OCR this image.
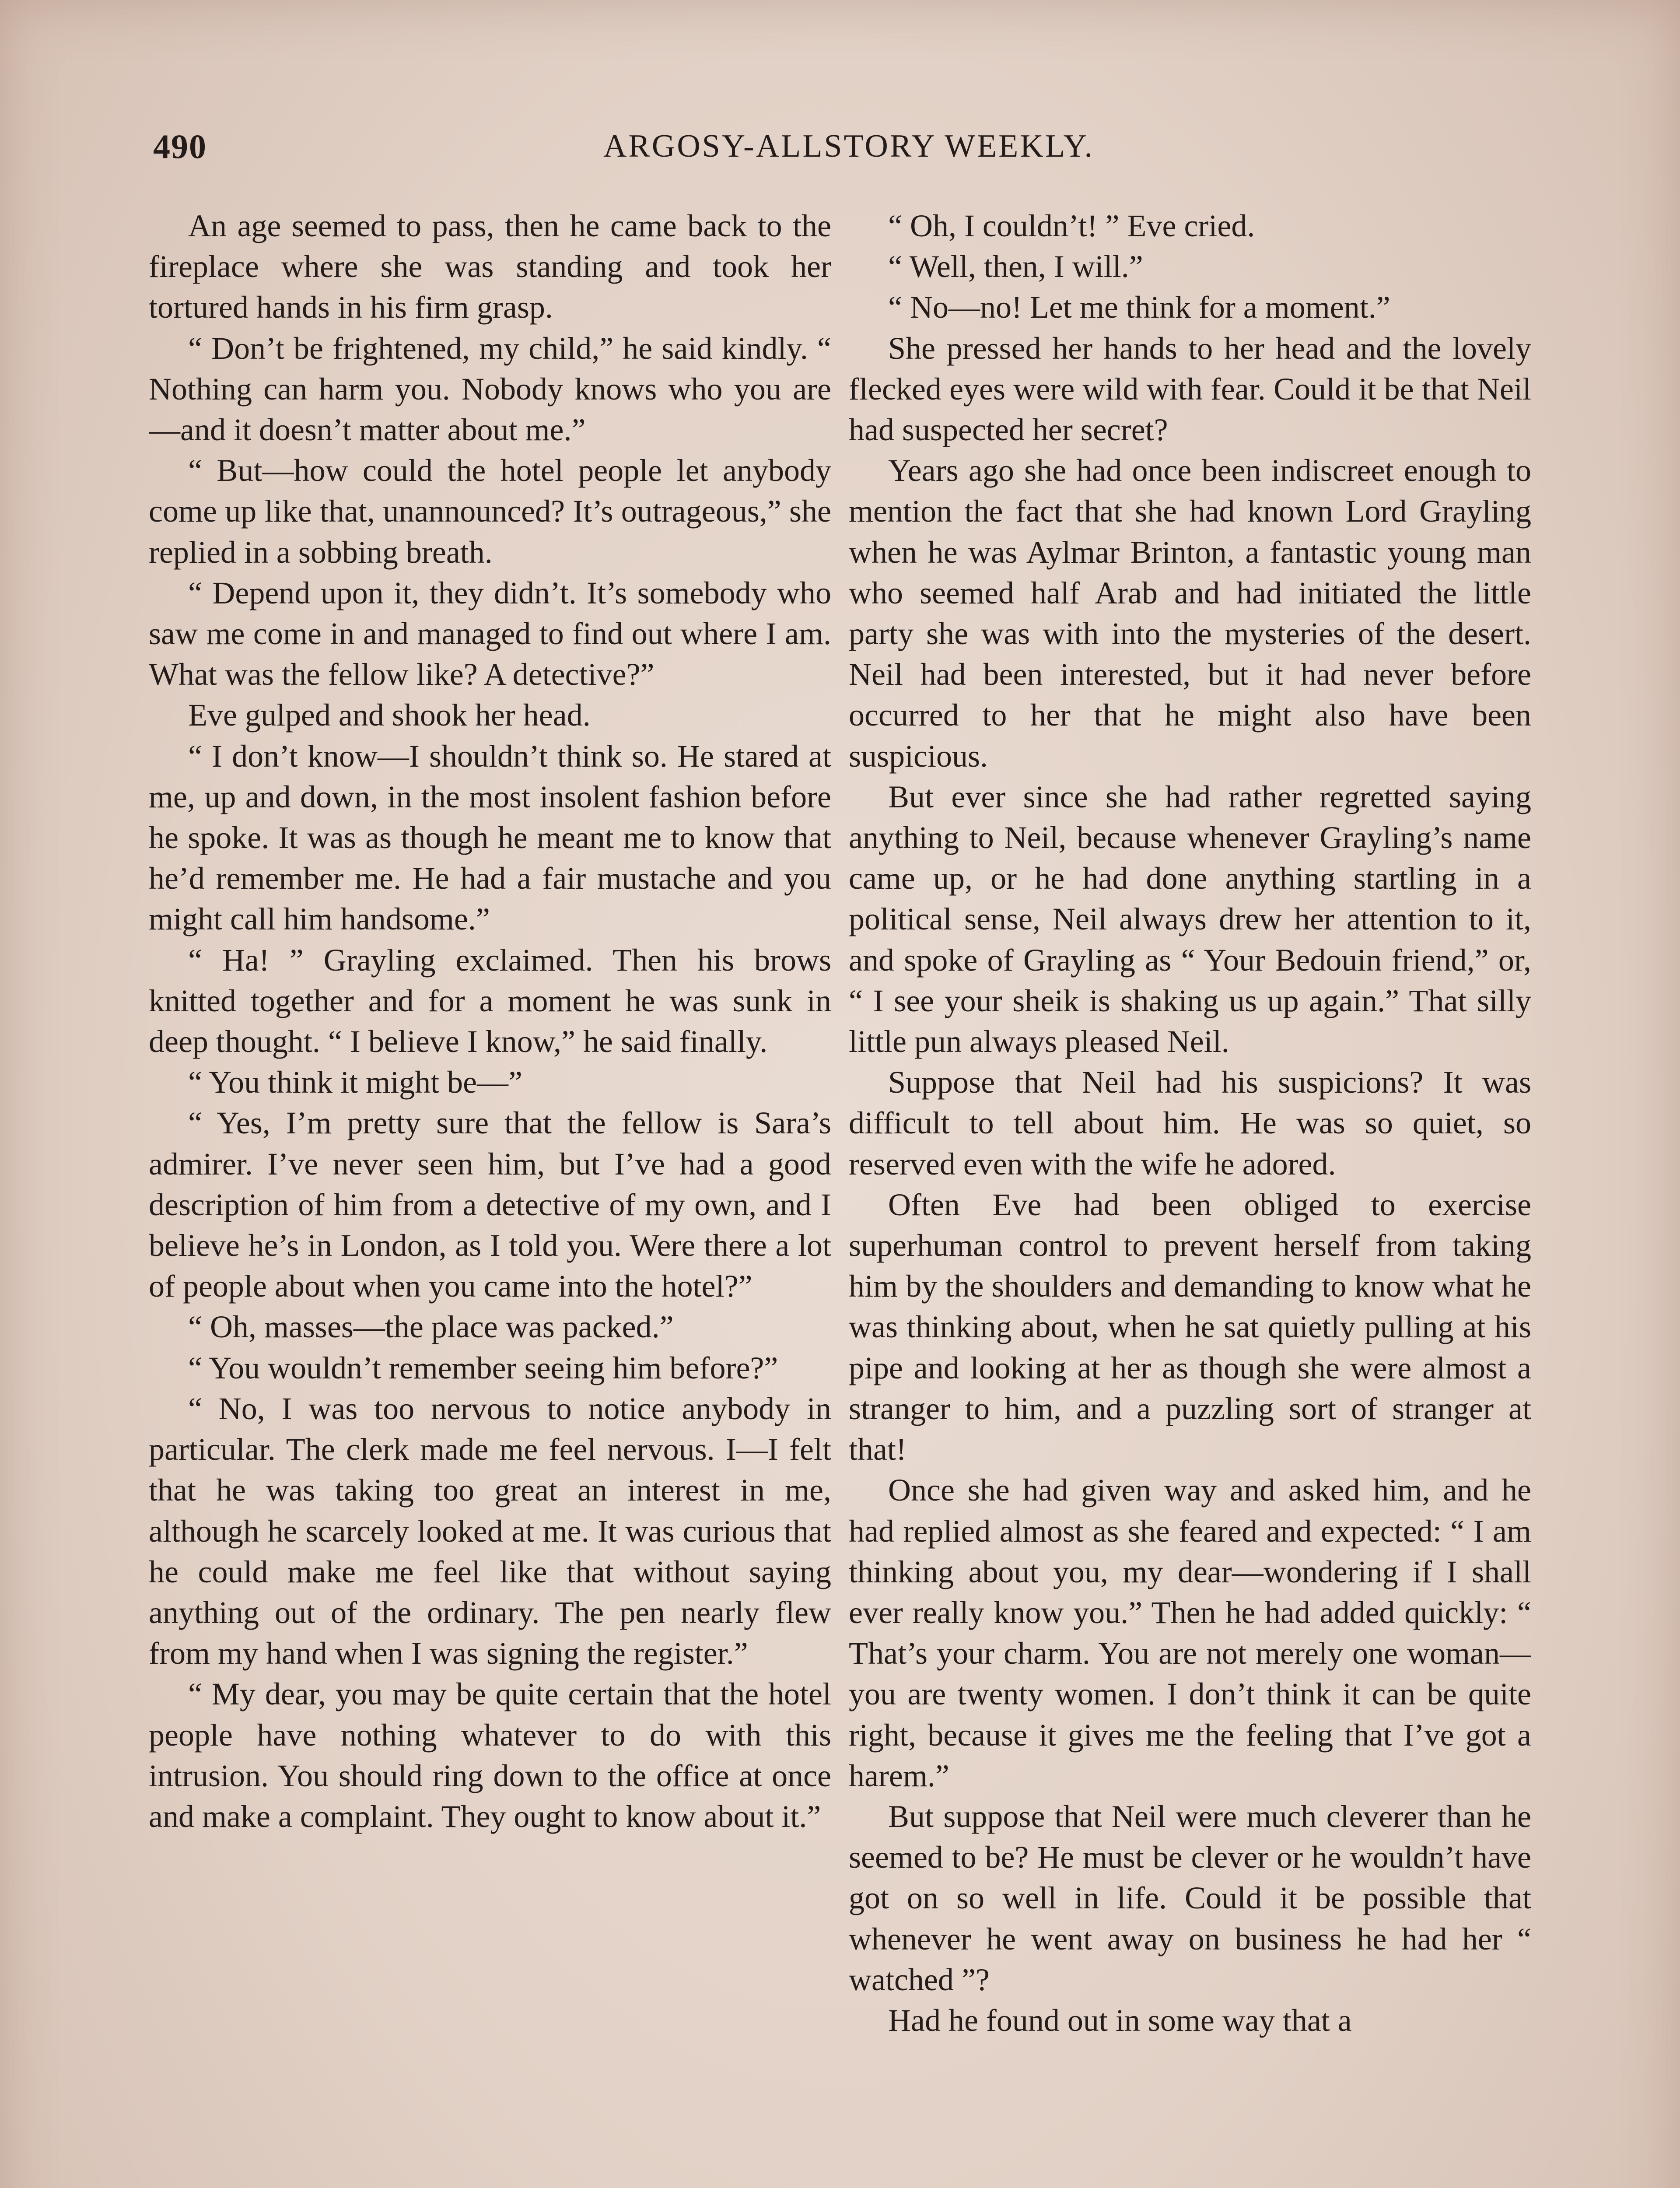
490	ARGOSY-ALLSTORY WEEKLY.

An age seemed to pass, then he came back to the fireplace where she was standing and took her tortured hands in his firm grasp.

“ Don’t be frightened, my child,” he said kindly. “ Nothing can harm you. Nobody knows who you are—and it doesn’t matter about me.”

“ But—how could the hotel people let anybody come up like that, unannounced? It’s outrageous,” she replied in a sobbing breath.

“ Depend upon it, they didn’t. It’s somebody who saw me come in and managed to find out where I am. What was the fellow like? A detective?”

Eve gulped and shook her head.

“ I don’t know—I shouldn’t think so. He stared at me, up and down, in the most insolent fashion before he spoke. It was as though he meant me to know that he’d remember me. He had a fair mustache and you might call him handsome.”

“ Ha! ” Grayling exclaimed. Then his brows knitted together and for a moment he was sunk in deep thought. “ I believe I know,” he said finally.

“ You think it might be—”

“ Yes, I’m pretty sure that the fellow is Sara’s admirer. I’ve never seen him, but I’ve had a good description of him from a detective of my own, and I believe he’s in London, as I told you. Were there a lot of people about when you came into the hotel?”

“ Oh, masses—the place was packed.”

“ You wouldn’t remember seeing him before?”

“ No, I was too nervous to notice anybody in particular. The clerk made me feel nervous. I—I felt that he was taking too great an interest in me, although he scarcely looked at me. It was curious that he could make me feel like that without saying anything out of the ordinary. The pen nearly flew from my hand when I was signing the register.”

“ My dear, you may be quite certain that the hotel people have nothing whatever to do with this intrusion. You should ring down to the office at once and make a complaint. They ought to know about it.”

“ Oh, I couldn’t! ” Eve cried.

“ Well, then, I will.”

“ No—no! Let me think for a moment.”

She pressed her hands to her head and the lovely flecked eyes were wild with fear. Could it be that Neil had suspected her secret?

Years ago she had once been indiscreet enough to mention the fact that she had known Lord Grayling when he was Aylmar Brinton, a fantastic young man who seemed half Arab and had initiated the little party she was with into the mysteries of the desert. Neil had been interested, but it had never before occurred to her that he might also have been suspicious.

But ever since she had rather regretted saying anything to Neil, because whenever Grayling’s name came up, or he had done anything startling in a political sense, Neil always drew her attention to it, and spoke of Grayling as “ Your Bedouin friend,” or, “ I see your sheik is shaking us up again.” That silly little pun always pleased Neil.

Suppose that Neil had his suspicions? It was difficult to tell about him. He was so quiet, so reserved even with the wife he adored.

Often Eve had been obliged to exercise superhuman control to prevent herself from taking him by the shoulders and demanding to know what he was thinking about, when he sat quietly pulling at his pipe and looking at her as though she were almost a stranger to him, and a puzzling sort of stranger at that!

Once she had given way and asked him, and he had replied almost as she feared and expected: “ I am thinking about you, my dear—wondering if I shall ever really know you.” Then he had added quickly: “ That’s your charm. You are not merely one woman—you are twenty women. I don’t think it can be quite right, because it gives me the feeling that I’ve got a harem.”

But suppose that Neil were much cleverer than he seemed to be? He must be clever or he wouldn’t have got on so well in life. Could it be possible that whenever he went away on business he had her “ watched ”?

Had he found out in some way that a
